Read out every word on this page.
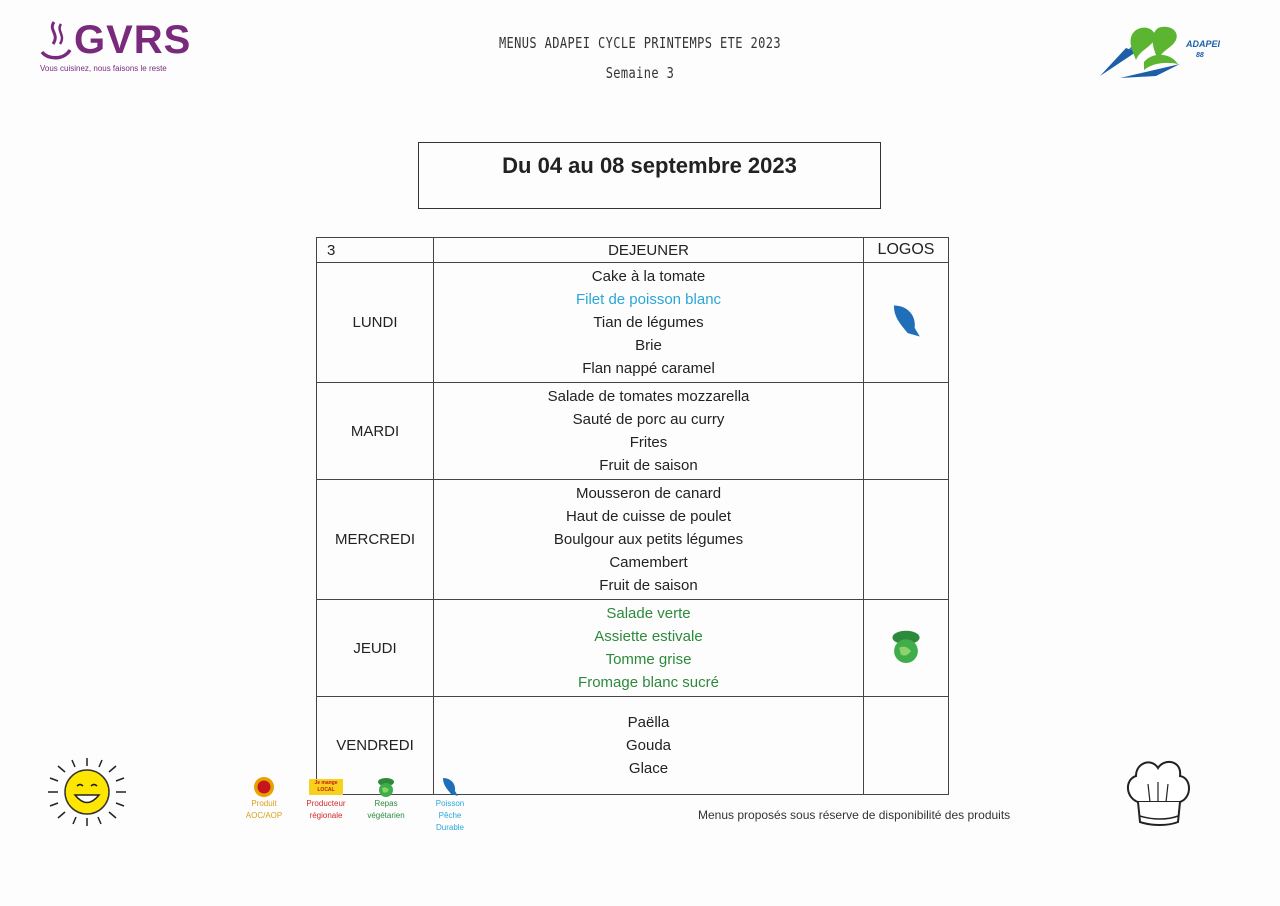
GVRS
Vous cuisinez, nous faisons le reste
MENUS ADAPEI CYCLE PRINTEMPS ETE 2023
Semaine 3
ADAPEI
88
Du 04 au 08 septembre 2023
3	DEJEUNER	LOGOS
LUNDI	Cake à la tomate
Filet de poisson blanc
Tian de légumes
Brie
Flan nappé caramel

MARDI	Salade de tomates mozzarella
Sauté de porc au curry
Frites
Fruit de saison	

MERCREDI	Mousseron de canard
Haut de cuisse de poulet
Boulgour aux petits légumes
Camembert
Fruit de saison	

JEUDI	Salade verte
Assiette estivale
Tomme grise
Fromage blanc sucré

VENDREDI	Paëlla
Gouda
Glace	

Produit
AOC/AOP
Je mange
LOCAL
Producteur
régionale
Repas
végétarien
Poisson
Pêche
Durable
Menus proposés sous réserve de disponibilité des produits
